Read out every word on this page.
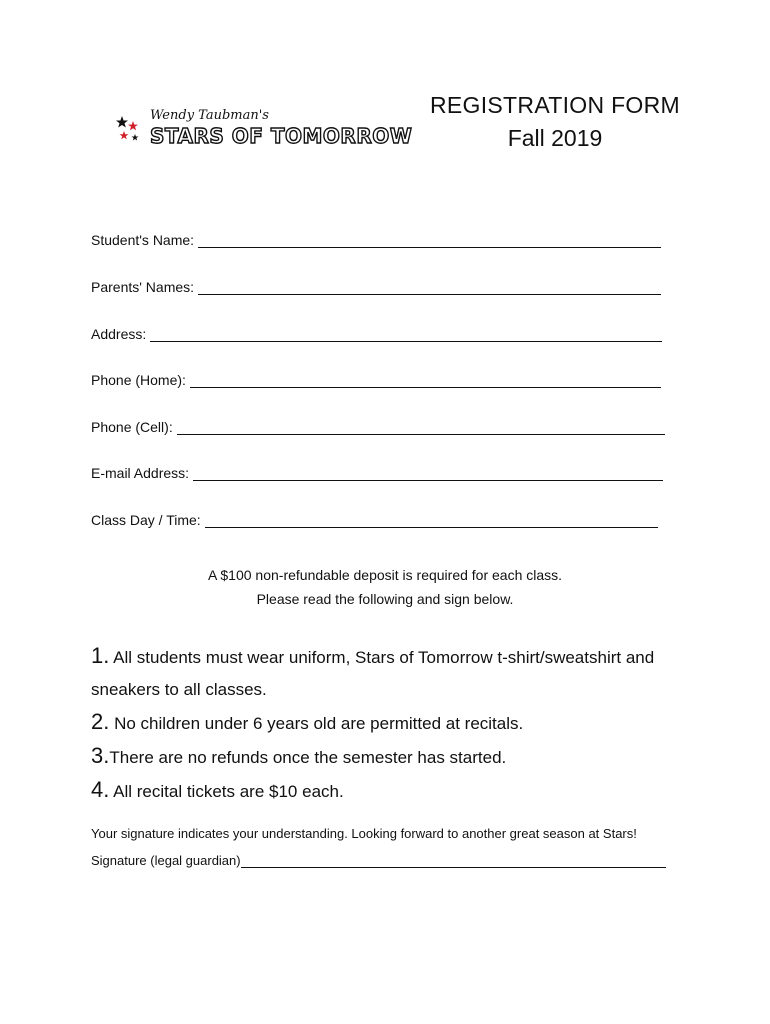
Wendy Taubman's
STARS OF TOMORROW
REGISTRATION FORM
Fall 2019
Student's Name:
Parents' Names:
Address:
Phone (Home):
Phone (Cell):
E-mail Address:
Class Day / Time:
A $100 non-refundable deposit is required for each class.
Please read the following and sign below.
1. All students must wear uniform, Stars of Tomorrow t-shirt/sweatshirt and sneakers to all classes.
2. No children under 6 years old are permitted at recitals.
3.There are no refunds once the semester has started.
4. All recital tickets are $10 each.
Your signature indicates your understanding. Looking forward to another great season at Stars!
Signature (legal guardian)
